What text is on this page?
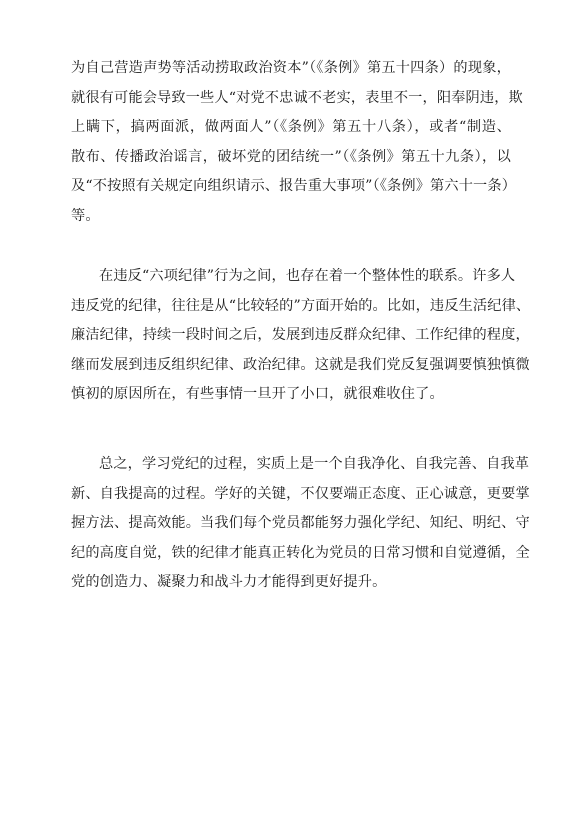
为自己营造声势等活动捞取政治资本”（《条例》第五十四条）的现象，
就很有可能会导致一些人“对党不忠诚不老实，表里不一，阳奉阴违，欺
上瞒下，搞两面派，做两面人”（《条例》第五十八条），或者“制造、
散布、传播政治谣言，破坏党的团结统一”（《条例》第五十九条），以
及“不按照有关规定向组织请示、报告重大事项”（《条例》第六十一条）
等。
在违反“六项纪律”行为之间，也存在着一个整体性的联系。许多人
违反党的纪律，往往是从“比较轻的”方面开始的。比如，违反生活纪律、
廉洁纪律，持续一段时间之后，发展到违反群众纪律、工作纪律的程度，
继而发展到违反组织纪律、政治纪律。这就是我们党反复强调要慎独慎微
慎初的原因所在，有些事情一旦开了小口，就很难收住了。
总之，学习党纪的过程，实质上是一个自我净化、自我完善、自我革
新、自我提高的过程。学好的关键，不仅要端正态度、正心诚意，更要掌
握方法、提高效能。当我们每个党员都能努力强化学纪、知纪、明纪、守
纪的高度自觉，铁的纪律才能真正转化为党员的日常习惯和自觉遵循，全
党的创造力、凝聚力和战斗力才能得到更好提升。
